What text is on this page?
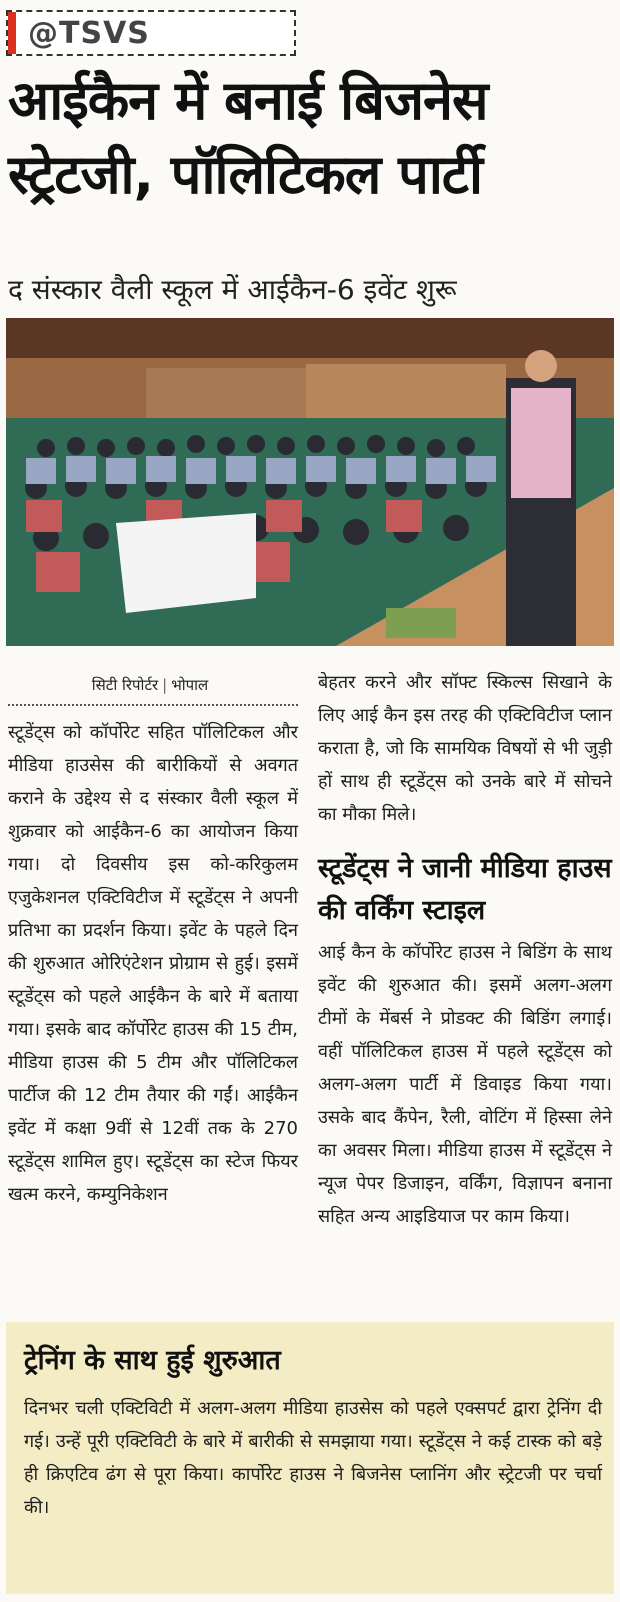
@TSVS
आईकैन में बनाई बिजनेस
स्ट्रेटजी, पॉलिटिकल पार्टी
द संस्कार वैली स्कूल में आईकैन-6 इवेंट शुरू
सिटी रिपोर्टर | भोपाल
स्टूडेंट्स को कॉर्पोरेट सहित पॉलिटिकल और मीडिया हाउसेस की बारीकियों से अवगत कराने के उद्देश्य से द संस्कार वैली स्कूल में शुक्रवार को आईकैन-6 का आयोजन किया गया। दो दिवसीय इस को-करिकुलम एजुकेशनल एक्टिविटीज में स्टूडेंट्स ने अपनी प्रतिभा का प्रदर्शन किया। इवेंट के पहले दिन की शुरुआत ओरिएंटेशन प्रोग्राम से हुई। इसमें स्टूडेंट्स को पहले आईकैन के बारे में बताया गया। इसके बाद कॉर्पोरेट हाउस की 15 टीम, मीडिया हाउस की 5 टीम और पॉलिटिकल पार्टीज की 12 टीम तैयार की गईं। आईकैन इवेंट में कक्षा 9वीं से 12वीं तक के 270 स्टूडेंट्स शामिल हुए। स्टूडेंट्स का स्टेज फियर खत्म करने, कम्युनिकेशन
बेहतर करने और सॉफ्ट स्किल्स सिखाने के लिए आई कैन इस तरह की एक्टिविटीज प्लान कराता है, जो कि सामयिक विषयों से भी जुड़ी हों साथ ही स्टूडेंट्स को उनके बारे में सोचने का मौका मिले।
स्टूडेंट्स ने जानी मीडिया हाउस की वर्किंग स्टाइल
आई कैन के कॉर्पोरेट हाउस ने बिडिंग के साथ इवेंट की शुरुआत की। इसमें अलग-अलग टीमों के मेंबर्स ने प्रोडक्ट की बिडिंग लगाई। वहीं पॉलिटिकल हाउस में पहले स्टूडेंट्स को अलग-अलग पार्टी में डिवाइड किया गया। उसके बाद कैंपेन, रैली, वोटिंग में हिस्सा लेने का अवसर मिला। मीडिया हाउस में स्टूडेंट्स ने न्यूज पेपर डिजाइन, वर्किंग, विज्ञापन बनाना सहित अन्य आइडियाज पर काम किया।
ट्रेनिंग के साथ हुई शुरुआत
दिनभर चली एक्टिविटी में अलग-अलग मीडिया हाउसेस को पहले एक्सपर्ट द्वारा ट्रेनिंग दी गई। उन्हें पूरी एक्टिविटी के बारे में बारीकी से समझाया गया। स्टूडेंट्स ने कई टास्क को बड़े ही क्रिएटिव ढंग से पूरा किया। कार्पोरेट हाउस ने बिजनेस प्लानिंग और स्ट्रेटजी पर चर्चा की।
